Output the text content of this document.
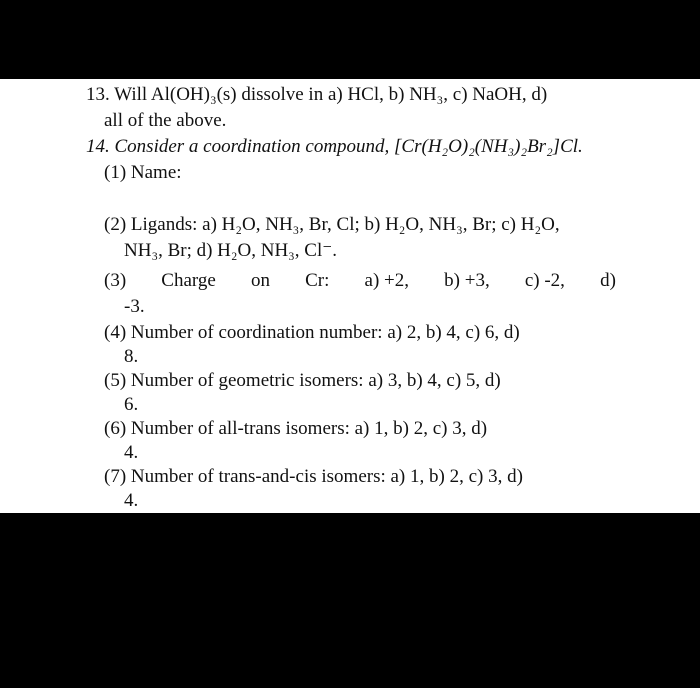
13. Will Al(OH)₃(s) dissolve in a) HCl, b) NH₃, c) NaOH, d)
all of the above.
14. Consider a coordination compound, [Cr(H₂O)₂(NH₃)₂Br₂]Cl.
(1) Name:
(2) Ligands: a) H₂O, NH₃, Br, Cl; b) H₂O, NH₃, Br; c) H₂O,
NH₃, Br; d) H₂O, NH₃, Cl⁻.
(3) Charge on Cr: a) +2, b) +3, c) -2, d)
-3.
(4) Number of coordination number: a) 2, b) 4, c) 6, d)
8.
(5) Number of geometric isomers: a) 3, b) 4, c) 5, d)
6.
(6) Number of all-trans isomers: a) 1, b) 2, c) 3, d)
4.
(7) Number of trans-and-cis isomers: a) 1, b) 2, c) 3, d)
4.
